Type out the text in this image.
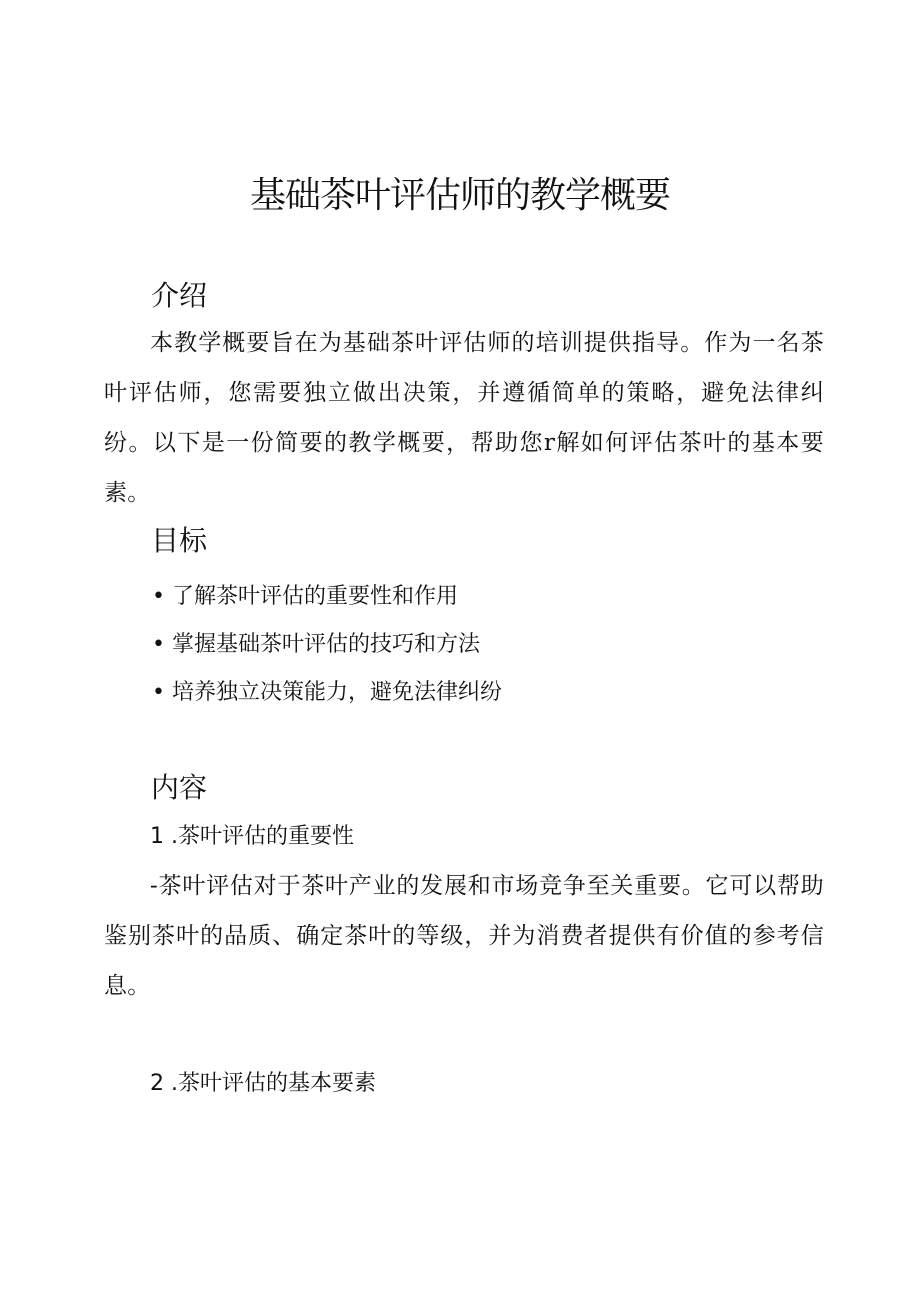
基础茶叶评估师的教学概要
介绍

本教学概要旨在为基础茶叶评估师的培训提供指导。作为一名茶叶评估师，您需要独立做出决策，并遵循简单的策略，避免法律纠纷。以下是一份简要的教学概要，帮助您r解如何评估茶叶的基本要素。

目标
• 了解茶叶评估的重要性和作用
• 掌握基础茶叶评估的技巧和方法
• 培养独立决策能力，避免法律纠纷
内容

1 .茶叶评估的重要性

-茶叶评估对于茶叶产业的发展和市场竞争至关重要。它可以帮助鉴别茶叶的品质、确定茶叶的等级，并为消费者提供有价值的参考信息。

2 .茶叶评估的基本要素
